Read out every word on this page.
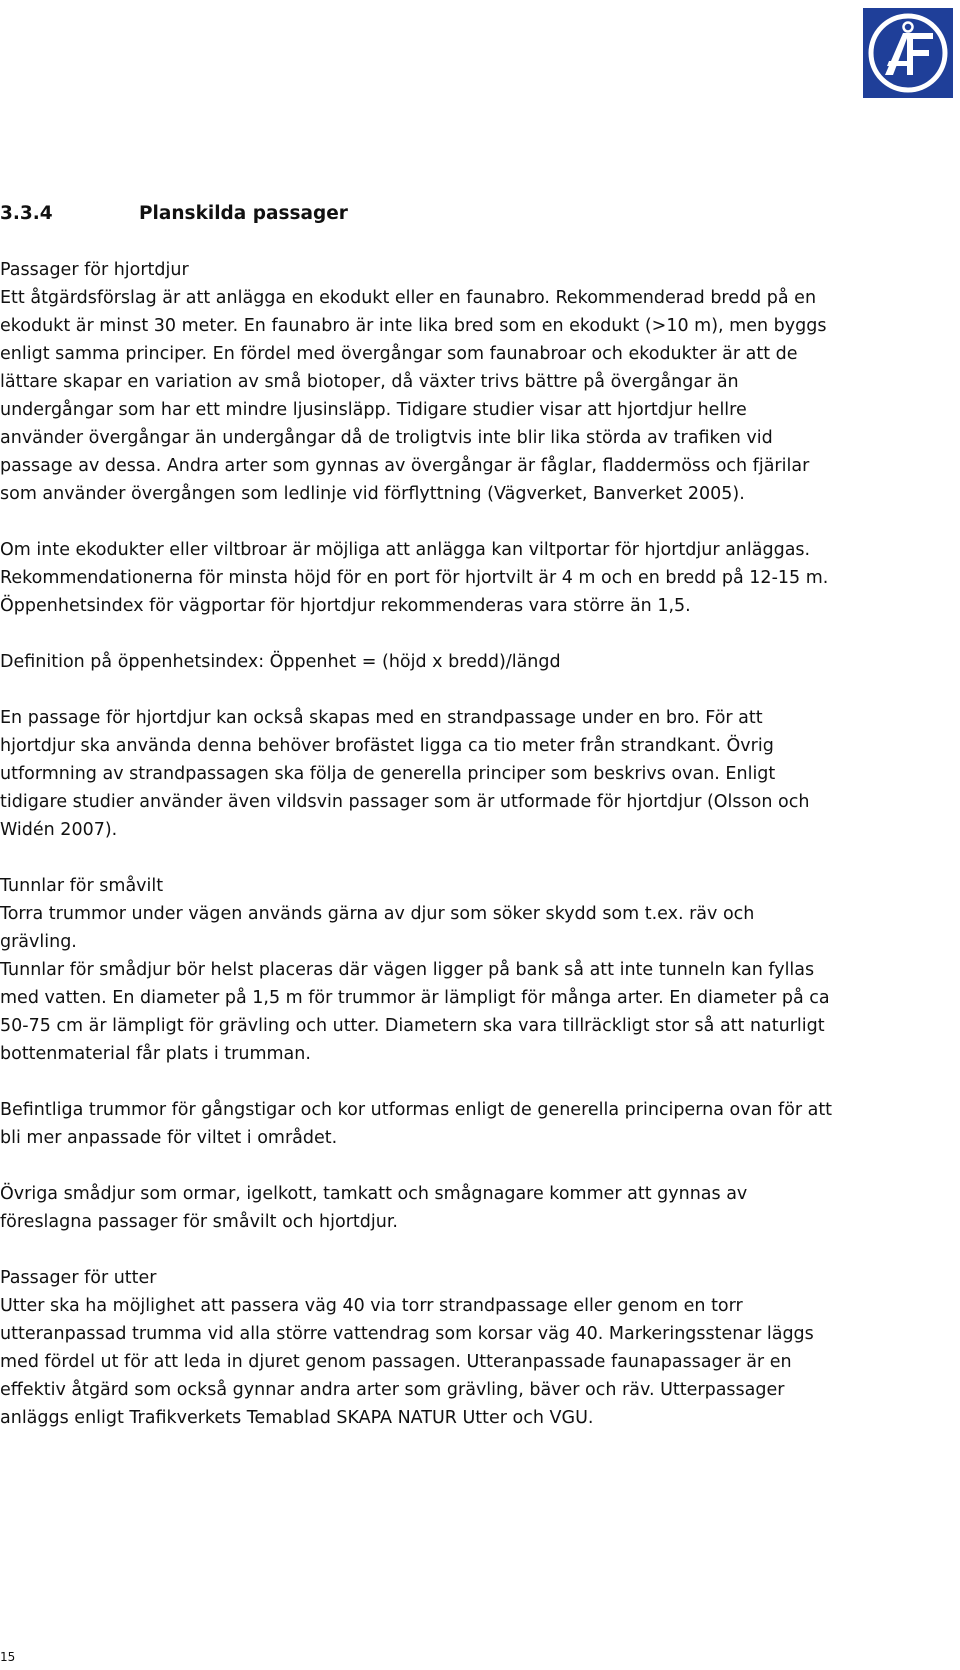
3.3.4	Planskilda passager

Passager för hjortdjur

Ett åtgärdsförslag är att anlägga en ekodukt eller en faunabro. Rekommenderad bredd på en ekodukt är minst 30 meter. En faunabro är inte lika bred som en ekodukt (>10 m), men byggs enligt samma principer. En fördel med övergångar som faunabroar och ekodukter är att de lättare skapar en variation av små biotoper, då växter trivs bättre på övergångar än undergångar som har ett mindre ljusinsläpp. Tidigare studier visar att hjortdjur hellre använder övergångar än undergångar då de troligtvis inte blir lika störda av trafiken vid passage av dessa. Andra arter som gynnas av övergångar är fåglar, fladdermöss och fjärilar som använder övergången som ledlinje vid förflyttning (Vägverket, Banverket 2005).

Om inte ekodukter eller viltbroar är möjliga att anlägga kan viltportar för hjortdjur anläggas. Rekommendationerna för minsta höjd för en port för hjortvilt är 4 m och en bredd på 12-15 m. Öppenhetsindex för vägportar för hjortdjur rekommenderas vara större än 1,5.

Definition på öppenhetsindex: Öppenhet = (höjd x bredd)/längd

En passage för hjortdjur kan också skapas med en strandpassage under en bro. För att hjortdjur ska använda denna behöver brofästet ligga ca tio meter från strandkant. Övrig utformning av strandpassagen ska följa de generella principer som beskrivs ovan. Enligt tidigare studier använder även vildsvin passager som är utformade för hjortdjur (Olsson och Widén 2007).

Tunnlar för småvilt

Torra trummor under vägen används gärna av djur som söker skydd som t.ex. räv och grävling.

Tunnlar för smådjur bör helst placeras där vägen ligger på bank så att inte tunneln kan fyllas med vatten. En diameter på 1,5 m för trummor är lämpligt för många arter. En diameter på ca 50-75 cm är lämpligt för grävling och utter. Diametern ska vara tillräckligt stor så att naturligt bottenmaterial får plats i trumman.

Befintliga trummor för gångstigar och kor utformas enligt de generella principerna ovan för att bli mer anpassade för viltet i området.

Övriga smådjur som ormar, igelkott, tamkatt och smågnagare kommer att gynnas av föreslagna passager för småvilt och hjortdjur.

Passager för utter

Utter ska ha möjlighet att passera väg 40 via torr strandpassage eller genom en torr utteranpassad trumma vid alla större vattendrag som korsar väg 40. Markeringsstenar läggs med fördel ut för att leda in djuret genom passagen. Utteranpassade faunapassager är en effektiv åtgärd som också gynnar andra arter som grävling, bäver och räv. Utterpassager anläggs enligt Trafikverkets Temablad SKAPA NATUR Utter och VGU.

15
